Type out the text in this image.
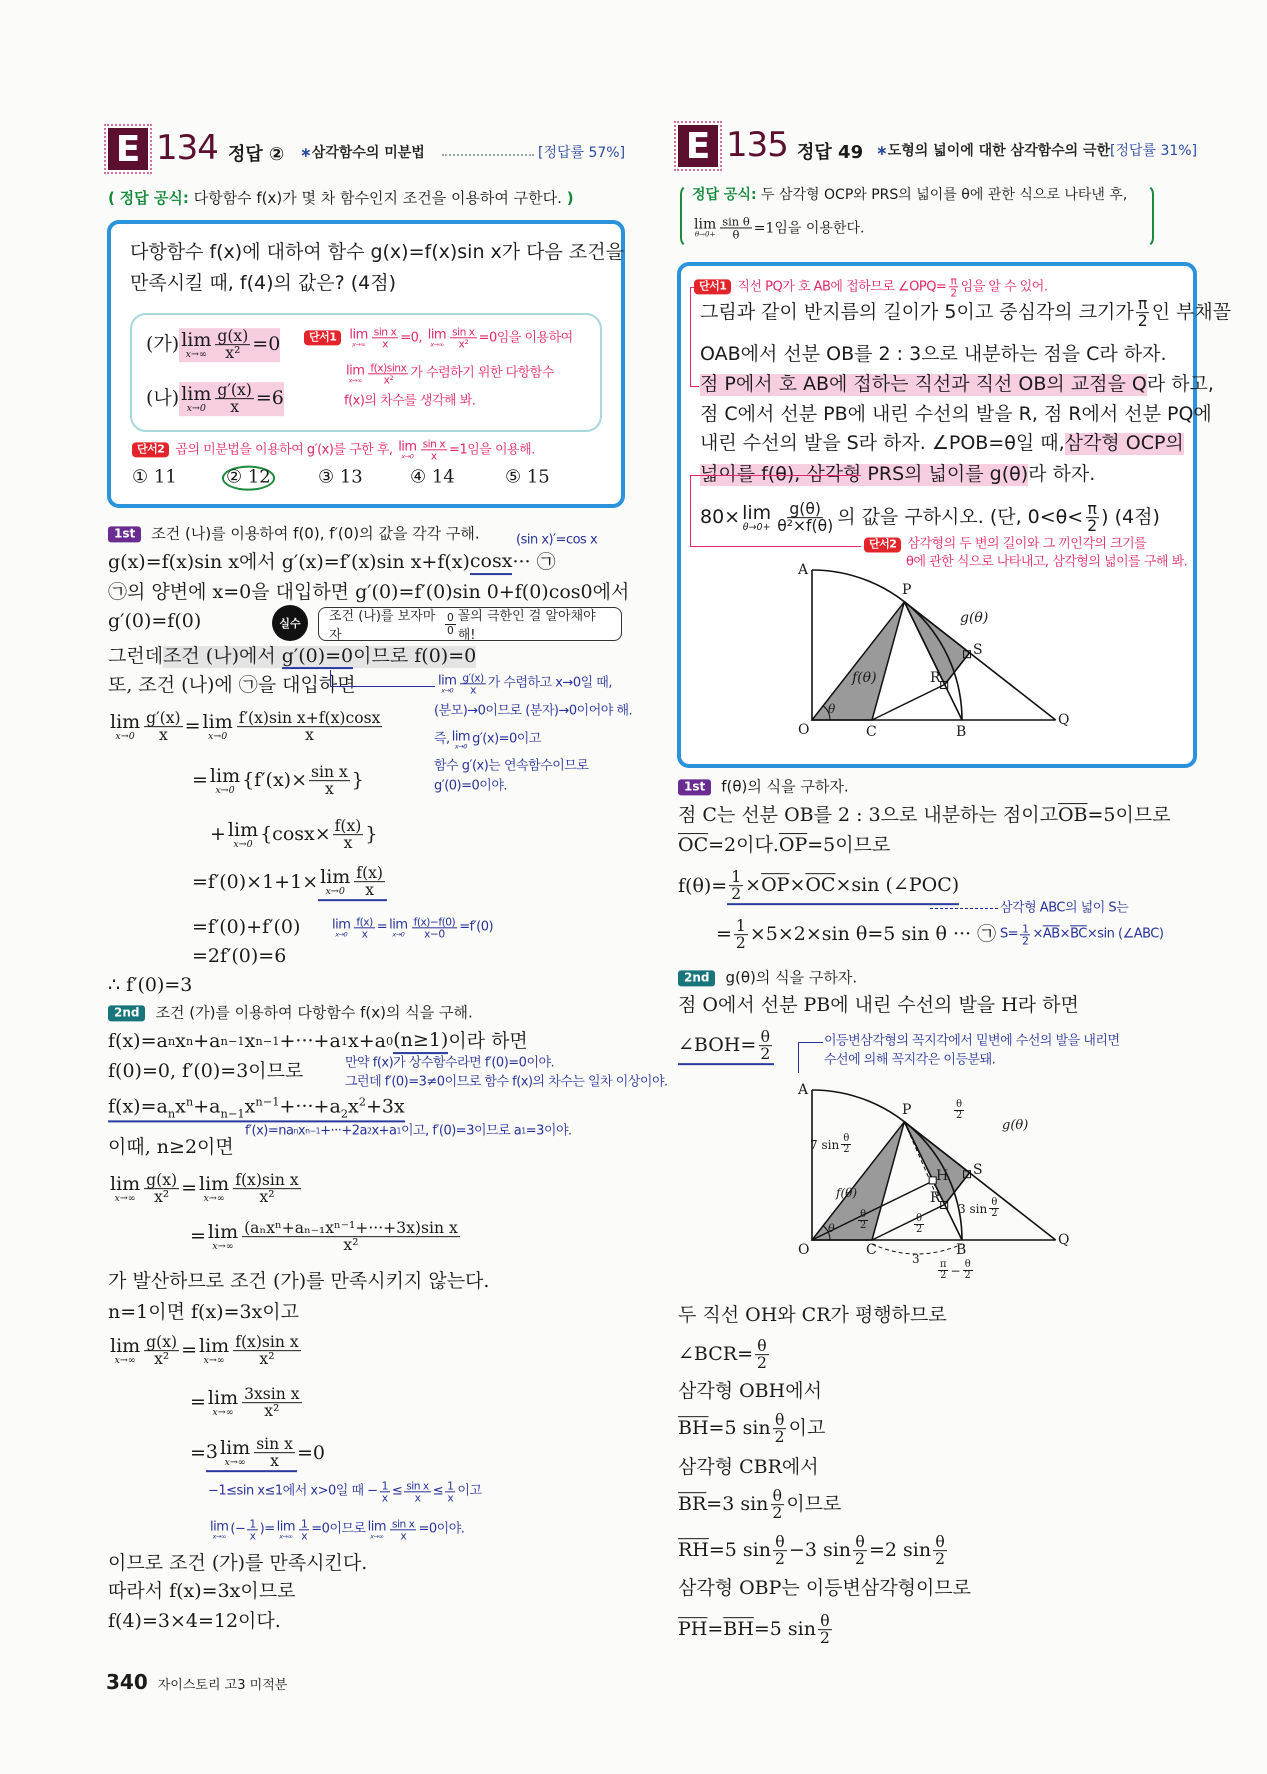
E 134 정답 ② ∗삼각함수의 미분법	[정답률 57%]
( 정답 공식: 다항함수 f(x)가 몇 차 함수인지 조건을 이용하여 구한다. )
다항함수 f(x)에 대하여 함수 g(x)=f(x)sin x가 다음 조건을
만족시킬 때, f(4)의 값은? (4점)
(가) lim
$x\to\infty \frac{g(x)}{\text{x²}} =0$
(나) lim
$x\to 0 \frac{g'(x)}{x} =6$
단서1	lim
$x\to\infty \frac{\text{sin x}}{x} =0$, lim
$x\to\infty \frac{\text{sin x}}{\text{x²}} =0$임을 이용하여
lim
$x\to\infty \frac{f(x)\sin x}{\text{x²}}$ 가 수렴하기 위한 다항함수
f(x)의 차수를 생각해 봐.
단서2 곱의 미분법을 이용하여 g′(x)를 구한 후, lim
$x\to 0 \frac{\text{sin x}}{x} =1$임을 이용해.
① 11	② 12	③ 13	④ 14	⑤ 15
1st	조건 (나)를 이용하여 f(0), f′(0)의 값을 각각 구해.	(sin x)′=cos x
g(x)=f(x)sin x에서 g′(x)=f′(x)sin x+f(x) cosx ··· ㉠
㉠의 양변에 x=0을 대입하면 g′(0)=f′(0)sin 0+f(0)cos0에서
g′(0)=f(0)	실수	조건 (나)를 보자마자	$\frac{0}{0}$ 꼴의 극한인 걸 알아채야 해!
그런데 조건 (나)에서 g′(0)=0이므로 f(0)=0
또, 조건 (나)에 ㉠을 대입하면	lim
$x\to 0 \frac{g'(x)}{x}$ 가 수렴하고 x→0일 때,
(분모)→0이므로 (분자)→0이어야 해.
즉, lim
x→0 g′(x)=0이고
함수 g′(x)는 연속함수이므로
g′(0)=0이야.
lim
$x\to 0 \frac{g'(x)}{x} = \lim$
$x\to 0 \frac{\text{f′(x)sin x+f(x)cosx}}{x}$
= lim
x→0 {$f'(x)\times \frac{\text{sin x}}{x}$ }
+ lim
x→0 {$\cos x\times \frac{f(x)}{x}$ }
=f′(0)×1+1× lim
$x\to 0 \frac{f(x)}{x}$
=f′(0)+f′(0) lim
$x\to 0 \frac{f(x)}{x} = \lim$
$x\to 0 \frac{f(x)-f(0)}{x-0} =f'(0)$
=2f′(0)=6
∴ f′(0)=3
2nd	조건 (가)를 이용하여 다항함수 f(x)의 식을 구해.
f(x)=a n x n +a n−1 x n−1 +···+a 1 x+a 0 (n≥1) 이라 하면
f(0)=0, f′(0)=3이므로	만약 f(x)가 상수함수라면 f′(0)=0이야.
그런데 f′(0)=3≠0이므로 함수 f(x)의 차수는 일차 이상이야.
$f(x)=a_nx^n+a_{n-1}x^{n-1}+\cdot\cdot\cdot+a_2x^2+3x$
f′(x)=na n x n−1 +···+2a 2 x+a 1 이고, f′(0)=3이므로 a 1 =3이야.
이때, n≥2이면
lim
$x\to\infty \frac{g(x)}{\text{x²}} = \lim$
$x\to\infty \frac{\text{f(x)sin x}}{\text{x²}}$
= lim
$x\to\infty \frac{\text{(aₙxⁿ+aₙ₋₁xⁿ⁻¹+···+3x)sin x}}{\text{x²}}$
가 발산하므로 조건 (가)를 만족시키지 않는다.
n=1이면 f(x)=3x이고
lim
$x\to\infty \frac{g(x)}{\text{x²}} = \lim$
$x\to\infty \frac{\text{f(x)sin x}}{\text{x²}}$
= lim
$x\to\infty \frac{\text{3xsin x}}{\text{x²}}$
= 3 lim
$x\to\infty \frac{\text{sin x}}{x} =0$
−1≤sin x≤1에서 x>0일 때 − $\frac{1}{x} \le \frac{\text{sin x}}{x} \le \frac{1}{x}$ 이고
lim
x→∞ (− $\frac{1}{x}$ )= lim
$x\to\infty \frac{1}{x} =0$이므로 lim
$x\to\infty \frac{\text{sin x}}{x} =0$이야.
이므로 조건 (가)를 만족시킨다.
따라서 f(x)=3x이므로
f(4)=3×4=12이다.
340 자이스토리 고3 미적분
E 135 정답 49 ∗도형의 넓이에 대한 삼각함수의 극한 [정답률 31%]
정답 공식:
두 삼각형 OCP와 PRS의 넓이를 θ에 관한 식으로 나타낸 후,
lim
$\theta\to 0+ \frac{\text{sin θ}}{\theta} =1$임을 이용한다.
단서1 직선 PQ가 호 AB에 접하므로 ∠OPQ= $\frac{\pi}{2}$ 임을 알 수 있어.
그림과 같이 반지름의 길이가 5이고 중심각의 크기가 $\frac{\pi}{2}$ 인 부채꼴
OAB에서 선분 OB를 2 : 3으로 내분하는 점을 C라 하자.
점 P에서 호 AB에 접하는 직선과 직선 OB의 교점을 Q 라 하고,
점 C에서 선분 PB에 내린 수선의 발을 R, 점 R에서 선분 PQ에
내린 수선의 발을 S라 하자. ∠POB=θ일 때, 삼각형 OCP의
넓이를 f(θ), 삼각형 PRS의 넓이를 g(θ) 라 하자.
80× lim
$\theta\to 0+ \frac{g(\theta)}{\text{θ²×f(θ)}}$ 의 값을 구하시오. (단, $0<\theta< \frac{\pi}{2}$ ) (4점)
단서2 삼각형의 두 변의 길이와 그 끼인각의 크기를
θ에 관한 식으로 나타내고, 삼각형의 넓이를 구해 봐.
A
O	C	B
Q
P
R
S
f(θ)
g(θ)
θ
1st	f(θ)의 식을 구하자.
점 C는 선분 OB를 2 : 3으로 내분하는 점이고 $\overline{OB} =5$이므로
$\overline{OC} =2$이다. $\overline{OP} =5$이므로
$f(\theta)= \frac{1}{2} \times\overline{OP}\times\overline{OC}\times\sin$ (∠POC)
삼각형 ABC의 넓이 S는
= $\frac{1}{2} \times 5\times 2\times\sin$ θ=5 sin θ ··· ㉠ $S= \frac{1}{2} \times \overline{AB} \times \overline{BC} \times\sin$ (∠ABC)
2nd	g(θ)의 식을 구하자.
점 O에서 선분 PB에 내린 수선의 발을 H라 하면
∠BOH= $\frac{\theta}{2}$	이등변삼각형의 꼭지각에서 밑변에 수선의 발을 내리면
수선에 의해 꼭지각은 이등분돼.
A
O	C	B
Q
P
H
R
S
f(θ)
g(θ)
7 $\sin \frac{\theta}{2}$
3 $\sin \frac{\theta}{2}$
$\frac{\theta}{2}$
$\frac{\theta}{2}$	$\frac{\theta}{2}$
θ
3
$\frac{\pi}{2} - \frac{\theta}{2}$
두 직선 OH와 CR가 평행하므로
∠BCR= $\frac{\theta}{2}$
삼각형 OBH에서
$\overline{BH} =5$ $\sin \frac{\theta}{2}$ 이고
삼각형 CBR에서
$\overline{BR} =3$ $\sin \frac{\theta}{2}$ 이므로
$\overline{RH} =5$ $\sin \frac{\theta}{2} -3$ $\sin \frac{\theta}{2} =2$ $\sin \frac{\theta}{2}$
삼각형 OBP는 이등변삼각형이므로
$\overline{PH} = \overline{BH} =5$ $\sin \frac{\theta}{2}$
